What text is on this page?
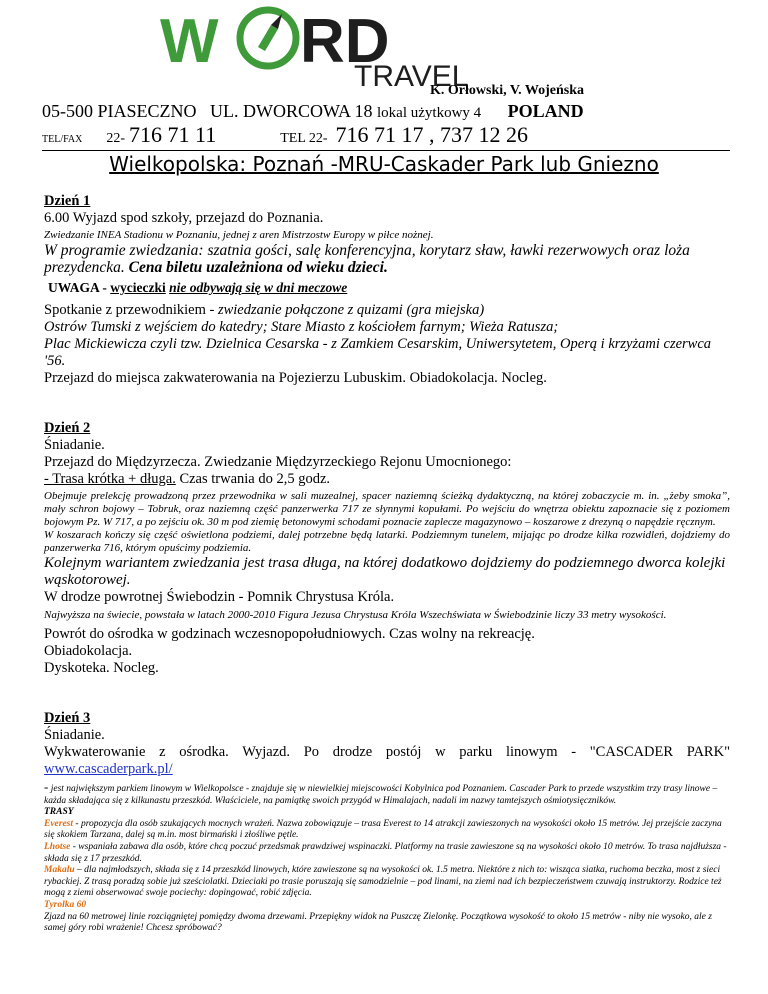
W RD
TRAVEL
K. Orłowski, V. Wojeńska
05-500 PIASECZNO UL. DWORCOWA 18 lokal użytkowy 4 POLAND
TEL/FAX 22- 716 71 11	TEL 22- 716 71 17 , 737 12 26
Wielkopolska: Poznań -MRU-Caskader Park lub Gniezno

Dzień 1

6.00 Wyjazd spod szkoły, przejazd do Poznania.

Zwiedzanie INEA Stadionu w Poznaniu, jednej z aren Mistrzostw Europy w piłce nożnej.

W programie zwiedzania: szatnia gości, salę konferencyjna, korytarz sław, ławki rezerwowych oraz loża prezydencka. Cena biletu uzależniona od wieku dzieci.

UWAGA - wycieczki nie odbywają się w dni meczowe

Spotkanie z przewodnikiem - zwiedzanie połączone z quizami (gra miejska)

Ostrów Tumski z wejściem do katedry; Stare Miasto z kościołem farnym; Wieża Ratusza;

Plac Mickiewicza czyli tzw. Dzielnica Cesarska - z Zamkiem Cesarskim, Uniwersytetem, Operą i krzyżami czerwca '56.

Przejazd do miejsca zakwaterowania na Pojezierzu Lubuskim. Obiadokolacja. Nocleg.

Dzień 2

Śniadanie.

Przejazd do Międzyrzecza. Zwiedzanie Międzyrzeckiego Rejonu Umocnionego:

- Trasa krótka + długa. Czas trwania do 2,5 godz.

Obejmuje prelekcję prowadzoną przez przewodnika w sali muzealnej, spacer naziemną ścieżką dydaktyczną, na której zobaczycie m. in. „żeby smoka”, mały schron bojowy – Tobruk, oraz naziemną część panzerwerka 717 ze słynnymi kopułami. Po wejściu do wnętrza obiektu zapoznacie się z poziomem bojowym Pz. W 717, a po zejściu ok. 30 m pod ziemię betonowymi schodami poznacie zaplecze magazynowo – koszarowe z drezyną o napędzie ręcznym.

W koszarach kończy się część oświetlona podziemi, dalej potrzebne będą latarki. Podziemnym tunelem, mijając po drodze kilka rozwidleń, dojdziemy do panzerwerka 716, którym opuścimy podziemia.

Kolejnym wariantem zwiedzania jest trasa długa, na której dodatkowo dojdziemy do podziemnego dworca kolejki wąskotorowej.

W drodze powrotnej Świebodzin - Pomnik Chrystusa Króla.

Najwyższa na świecie, powstała w latach 2000-2010 Figura Jezusa Chrystusa Króla Wszechświata w Świebodzinie liczy 33 metry wysokości.

Powrót do ośrodka w godzinach wczesnopopołudniowych. Czas wolny na rekreację.

Obiadokolacja.

Dyskoteka. Nocleg.

Dzień 3

Śniadanie.

Wykwaterowanie z ośrodka. Wyjazd. Po drodze postój w parku linowym - "CASCADER PARK"

www.cascaderpark.pl/

- jest największym parkiem linowym w Wielkopolsce - znajduje się w niewielkiej miejscowości Kobylnica pod Poznaniem. Cascader Park to przede wszystkim trzy trasy linowe – każda składająca się z kilkunastu przeszkód. Właściciele, na pamiątkę swoich przygód w Himalajach, nadali im nazwy tamtejszych ośmiotysięczników.

TRASY

Everest - propozycja dla osób szukających mocnych wrażeń. Nazwa zobowiązuje – trasa Everest to 14 atrakcji zawieszonych na wysokości około 15 metrów. Jej przejście zaczyna się skokiem Tarzana, dalej są m.in. most birmański i złośliwe pętle.

Lhotse - wspaniała zabawa dla osób, które chcą poczuć przedsmak prawdziwej wspinaczki. Platformy na trasie zawieszone są na wysokości około 10 metrów. To trasa najdłuższa - składa się z 17 przeszkód.

Makalu – dla najmłodszych, składa się z 14 przeszkód linowych, które zawieszone są na wysokości ok. 1.5 metra. Niektóre z nich to: wisząca siatka, ruchoma beczka, most z sieci rybackiej. Z trasą poradzą sobie już sześciolatki. Dzieciaki po trasie poruszają się samodzielnie – pod linami, na ziemi nad ich bezpieczeństwem czuwają instruktorzy. Rodzice też mogą z ziemi obserwować swoje pociechy: dopingować, robić zdjęcia.

Tyrolka 60

Zjazd na 60 metrowej linie rozciągniętej pomiędzy dwoma drzewami. Przepiękny widok na Puszczę Zielonkę. Początkowa wysokość to około 15 metrów - niby nie wysoko, ale z samej góry robi wrażenie! Chcesz spróbować?
